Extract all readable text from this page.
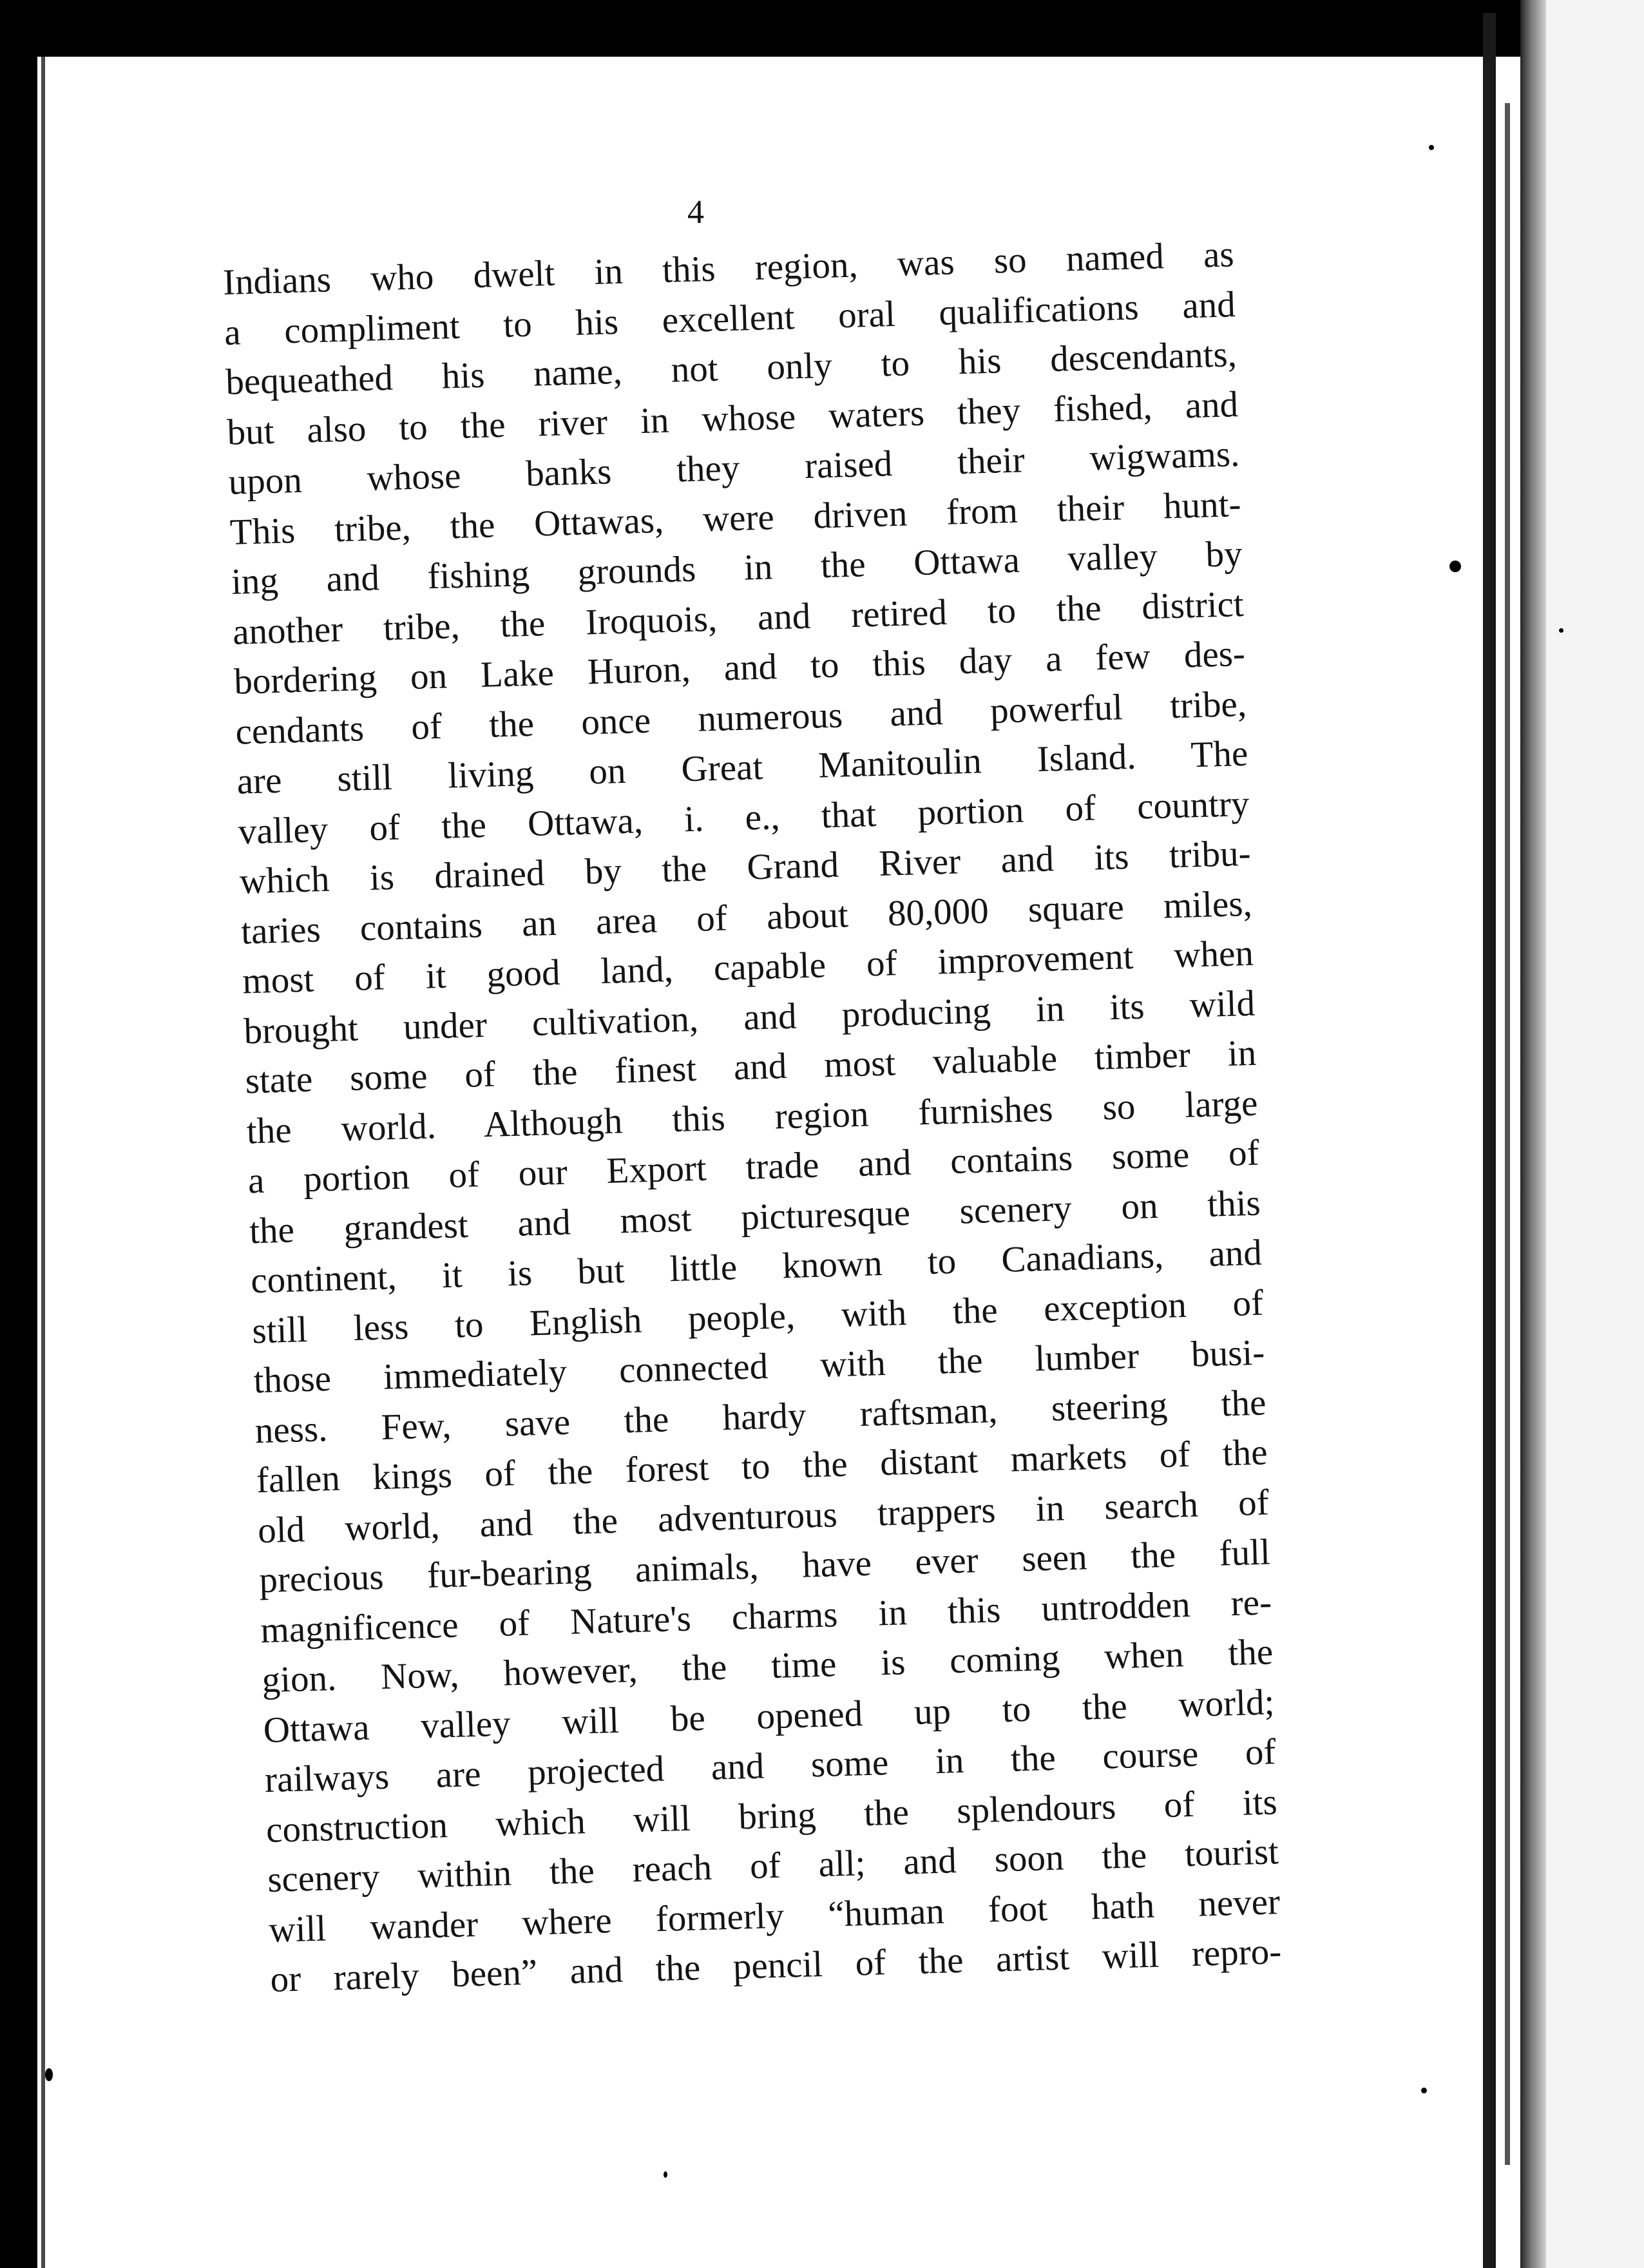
4
Indians who dwelt in this region, was so named as
a compliment to his excellent oral qualifications and
bequeathed his name, not only to his descendants,
but also to the river in whose waters they fished, and
upon whose banks they raised their wigwams.
This tribe, the Ottawas, were driven from their hunt-
ing and fishing grounds in the Ottawa valley by
another tribe, the Iroquois, and retired to the district
bordering on Lake Huron, and to this day a few des-
cendants of the once numerous and powerful tribe,
are still living on Great Manitoulin Island. The
valley of the Ottawa, i. e., that portion of country
which is drained by the Grand River and its tribu-
taries contains an area of about 80,000 square miles,
most of it good land, capable of improvement when
brought under cultivation, and producing in its wild
state some of the finest and most valuable timber in
the world. Although this region furnishes so large
a portion of our Export trade and contains some of
the grandest and most picturesque scenery on this
continent, it is but little known to Canadians, and
still less to English people, with the exception of
those immediately connected with the lumber busi-
ness. Few, save the hardy raftsman, steering the
fallen kings of the forest to the distant markets of the
old world, and the adventurous trappers in search of
precious fur-bearing animals, have ever seen the full
magnificence of Nature's charms in this untrodden re-
gion. Now, however, the time is coming when the
Ottawa valley will be opened up to the world;
railways are projected and some in the course of
construction which will bring the splendours of its
scenery within the reach of all; and soon the tourist
will wander where formerly “human foot hath never
or rarely been” and the pencil of the artist will repro-
